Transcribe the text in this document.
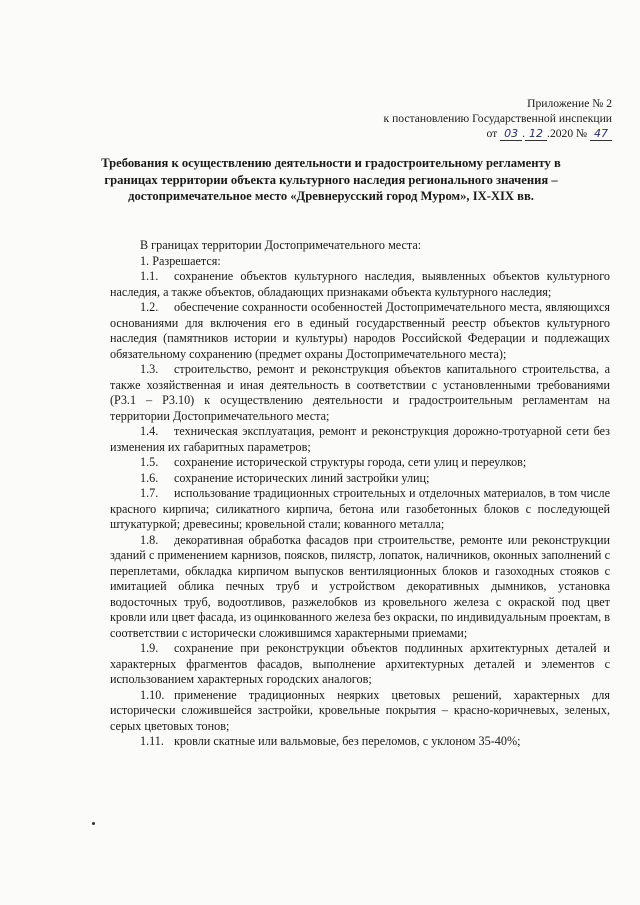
Приложение № 2
к постановлению Государственной инспекции
от 03 . 12 .2020 № 47
Требования к осуществлению деятельности и градостроительному регламенту в границах территории объекта культурного наследия регионального значения – достопримечательное место «Древнерусский город Муром», IX-XIX вв.

В границах территории Достопримечательного места:

1. Разрешается:

1.1. сохранение объектов культурного наследия, выявленных объектов культурного наследия, а также объектов, обладающих признаками объекта культурного наследия;

1.2. обеспечение сохранности особенностей Достопримечательного места, являющихся основаниями для включения его в единый государственный реестр объектов культурного наследия (памятников истории и культуры) народов Российской Федерации и подлежащих обязательному сохранению (предмет охраны Достопримечательного места);

1.3. строительство, ремонт и реконструкция объектов капитального строительства, а также хозяйственная и иная деятельность в соответствии с установленными требованиями (Р3.1 – Р3.10) к осуществлению деятельности и градостроительным регламентам на территории Достопримечательного места;

1.4. техническая эксплуатация, ремонт и реконструкция дорожно-тротуарной сети без изменения их габаритных параметров;

1.5. сохранение исторической структуры города, сети улиц и переулков;

1.6. сохранение исторических линий застройки улиц;

1.7. использование традиционных строительных и отделочных материалов, в том числе красного кирпича; силикатного кирпича, бетона или газобетонных блоков с последующей штукатуркой; древесины; кровельной стали; кованного металла;

1.8. декоративная обработка фасадов при строительстве, ремонте или реконструкции зданий с применением карнизов, поясков, пилястр, лопаток, наличников, оконных заполнений с переплетами, обкладка кирпичом выпусков вентиляционных блоков и газоходных стояков с имитацией облика печных труб и устройством декоративных дымников, установка водосточных труб, водоотливов, разжелобков из кровельного железа с окраской под цвет кровли или цвет фасада, из оцинкованного железа без окраски, по индивидуальным проектам, в соответствии с исторически сложившимся характерными приемами;

1.9. сохранение при реконструкции объектов подлинных архитектурных деталей и характерных фрагментов фасадов, выполнение архитектурных деталей и элементов с использованием характерных городских аналогов;

1.10. применение традиционных неярких цветовых решений, характерных для исторически сложившейся застройки, кровельные покрытия – красно-коричневых, зеленых, серых цветовых тонов;

1.11. кровли скатные или вальмовые, без переломов, с уклоном 35-40%;
